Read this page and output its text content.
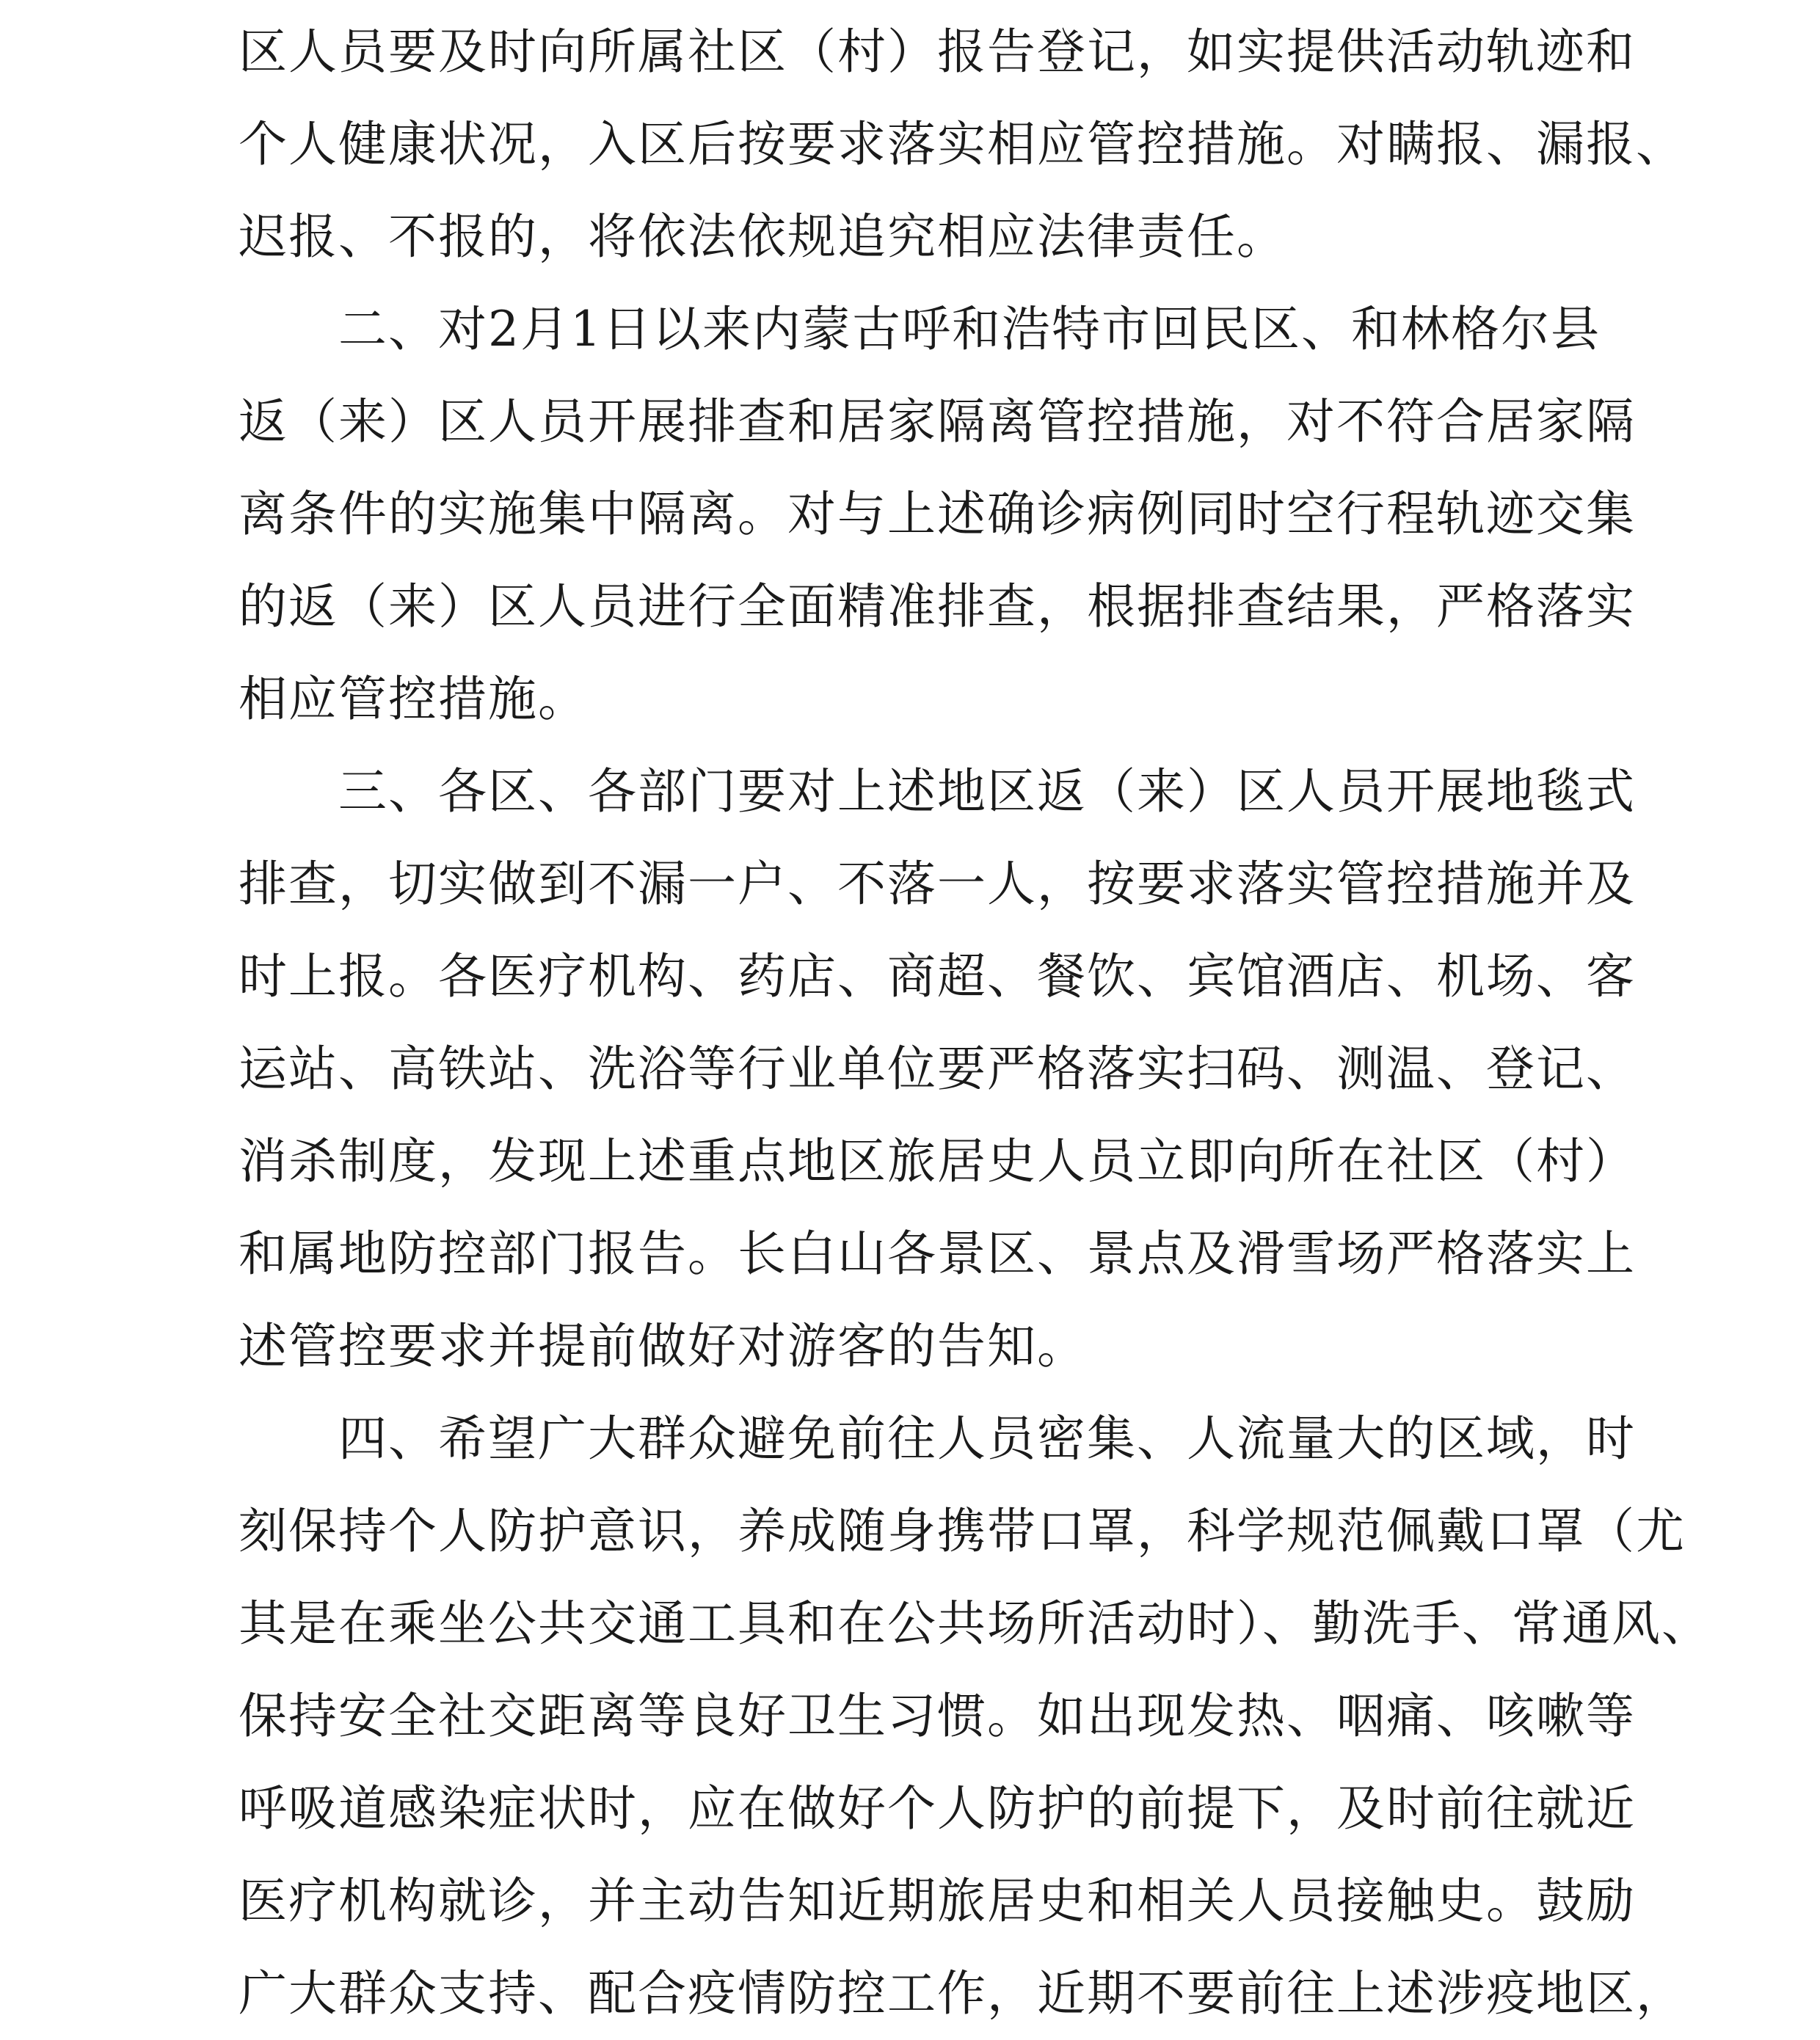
区人员要及时向所属社区（村）报告登记，如实提供活动轨迹和
个人健康状况，入区后按要求落实相应管控措施。对瞒报、漏报、
迟报、不报的，将依法依规追究相应法律责任。
　　二、对2月1日以来内蒙古呼和浩特市回民区、和林格尔县
返（来）区人员开展排查和居家隔离管控措施，对不符合居家隔
离条件的实施集中隔离。对与上述确诊病例同时空行程轨迹交集
的返（来）区人员进行全面精准排查，根据排查结果，严格落实
相应管控措施。
　　三、各区、各部门要对上述地区返（来）区人员开展地毯式
排查，切实做到不漏一户、不落一人，按要求落实管控措施并及
时上报。各医疗机构、药店、商超、餐饮、宾馆酒店、机场、客
运站、高铁站、洗浴等行业单位要严格落实扫码、测温、登记、
消杀制度，发现上述重点地区旅居史人员立即向所在社区（村）
和属地防控部门报告。长白山各景区、景点及滑雪场严格落实上
述管控要求并提前做好对游客的告知。
　　四、希望广大群众避免前往人员密集、人流量大的区域，时
刻保持个人防护意识，养成随身携带口罩，科学规范佩戴口罩（尤
其是在乘坐公共交通工具和在公共场所活动时）、勤洗手、常通风、
保持安全社交距离等良好卫生习惯。如出现发热、咽痛、咳嗽等
呼吸道感染症状时，应在做好个人防护的前提下，及时前往就近
医疗机构就诊，并主动告知近期旅居史和相关人员接触史。鼓励
广大群众支持、配合疫情防控工作，近期不要前往上述涉疫地区，
